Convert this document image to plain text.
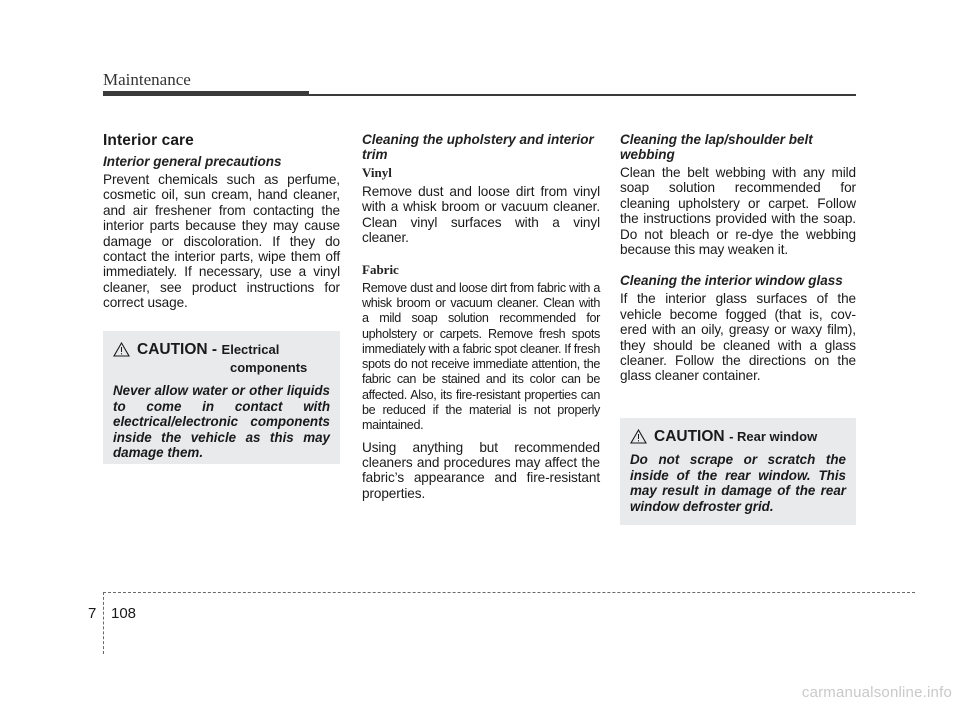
Maintenance
Interior care
Interior general precautions

Prevent chemicals such as perfume, cosmetic oil, sun cream, hand cleaner, and air freshener from contacting the interior parts because they may cause damage or discoloration. If they do contact the interior parts, wipe them off immediately. If necessary, use a vinyl cleaner, see product instructions for correct usage.

CAUTION - Electrical
components

Never allow water or other liquids to come in contact with electrical/electronic components inside the vehicle as this may damage them.

Cleaning the upholstery and interior trim
Vinyl

Remove dust and loose dirt from vinyl with a whisk broom or vacuum cleaner. Clean vinyl surfaces with a vinyl cleaner.

Fabric

Remove dust and loose dirt from fabric with a whisk broom or vacuum cleaner. Clean with a mild soap solution recommended for upholstery or carpets. Remove fresh spots immediately with a fabric spot cleaner. If fresh spots do not receive immediate attention, the fabric can be stained and its color can be affected. Also, its fire-resistant properties can be reduced if the material is not properly maintained.

Using anything but recommended cleaners and procedures may affect the fabric’s appearance and fire-resistant properties.

Cleaning the lap/shoulder belt webbing

Clean the belt webbing with any mild soap solution recommended for cleaning upholstery or carpet. Follow the instructions provided with the soap. Do not bleach or re-dye the webbing because this may weaken it.

Cleaning the interior window glass

If the interior glass surfaces of the vehicle become fogged (that is, covered with an oily, greasy or waxy film), they should be cleaned with a glass cleaner. Follow the directions on the glass cleaner container.

CAUTION - Rear window

Do not scrape or scratch the inside of the rear window. This may result in damage of the rear window defroster grid.

7 108
carmanualsonline.info
